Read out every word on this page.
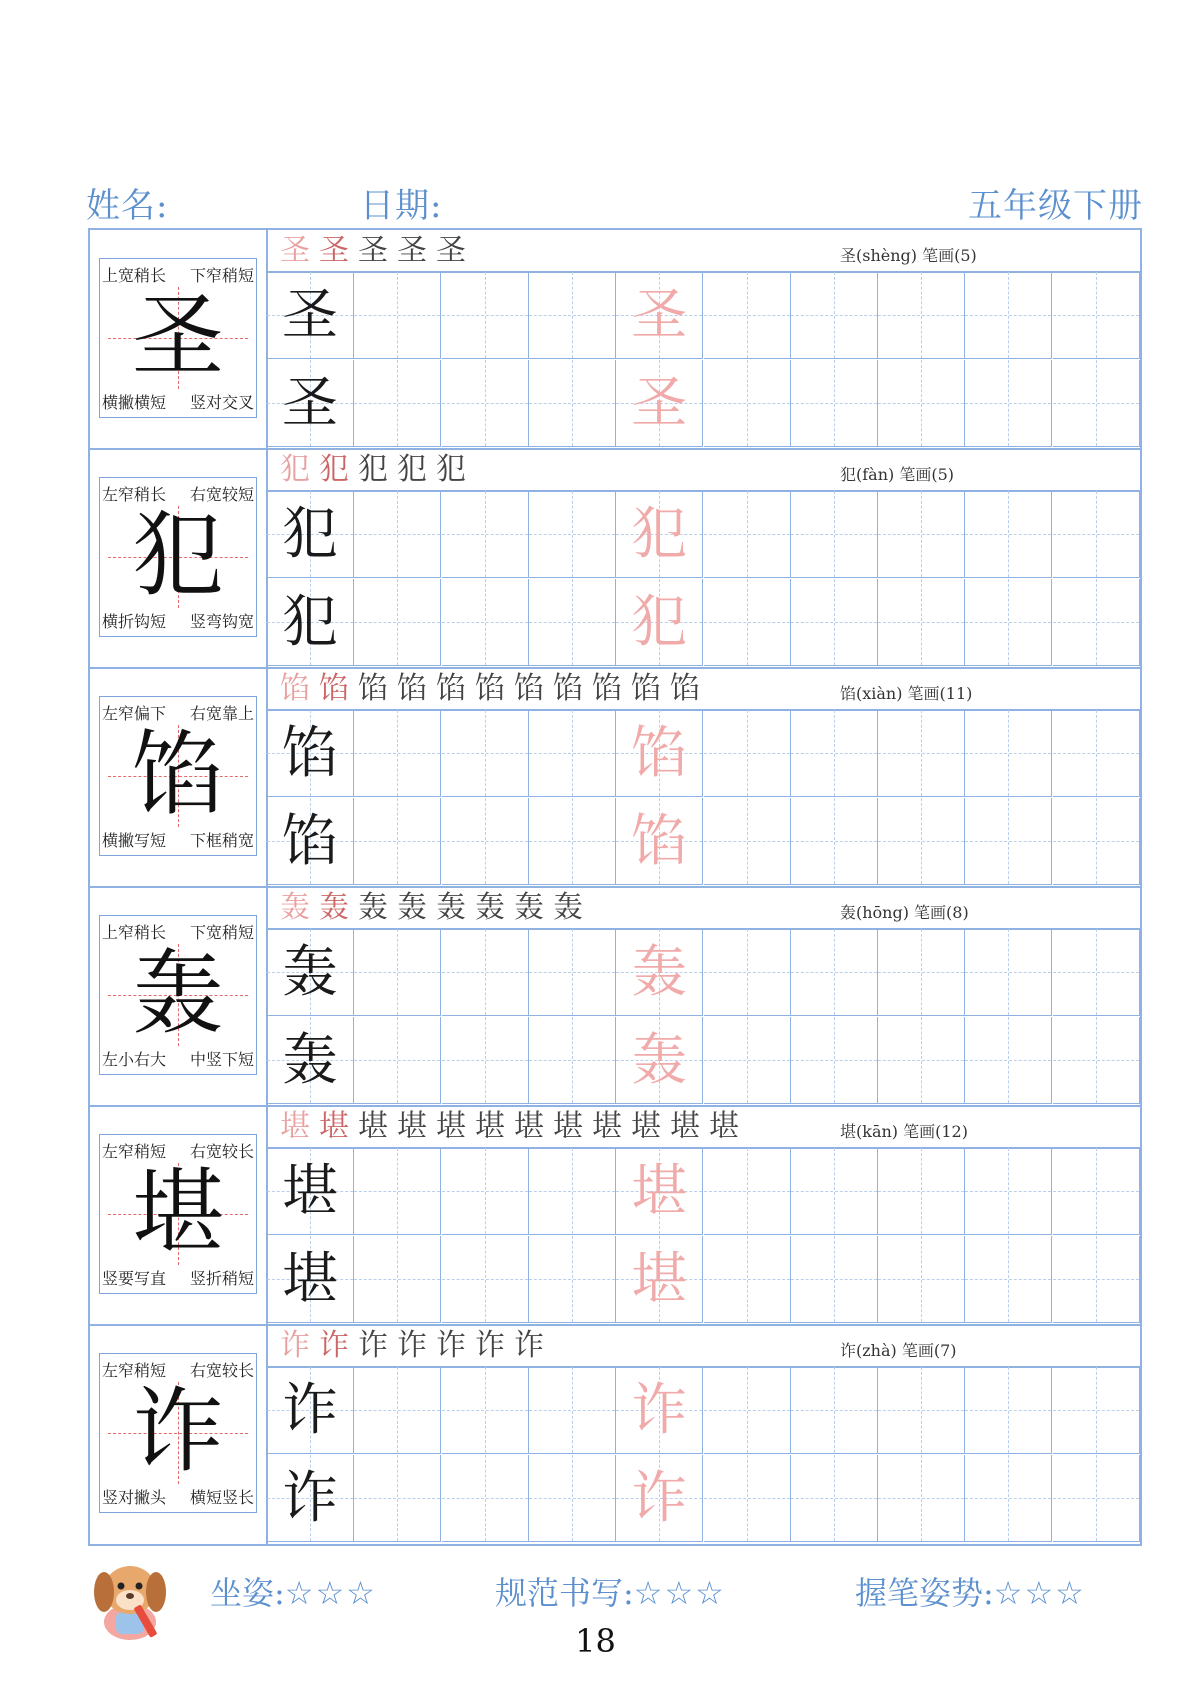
姓名:	日期:	五年级下册
上宽稍长 下窄稍短
圣
横撇横短 竖对交叉
圣圣圣圣圣	圣(shèng) 笔画(5)
圣	圣
圣	圣
左窄稍长 右宽较短
犯
横折钩短 竖弯钩宽
犯犯犯犯犯	犯(fàn) 笔画(5)
犯	犯
犯	犯
左窄偏下 右宽靠上
馅
横撇写短 下框稍宽
馅馅馅馅馅馅馅馅馅馅馅	馅(xiàn) 笔画(11)
馅	馅
馅	馅
上窄稍长 下宽稍短
轰
左小右大 中竖下短
轰轰轰轰轰轰轰轰	轰(hōng) 笔画(8)
轰	轰
轰	轰
左窄稍短 右宽较长
堪
竖要写直 竖折稍短
堪堪堪堪堪堪堪堪堪堪堪堪	堪(kān) 笔画(12)
堪	堪
堪	堪
左窄稍短 右宽较长
诈
竖对撇头 横短竖长
诈诈诈诈诈诈诈	诈(zhà) 笔画(7)
诈	诈
诈	诈
坐姿:☆☆☆	规范书写:☆☆☆	握笔姿势:☆☆☆
18
